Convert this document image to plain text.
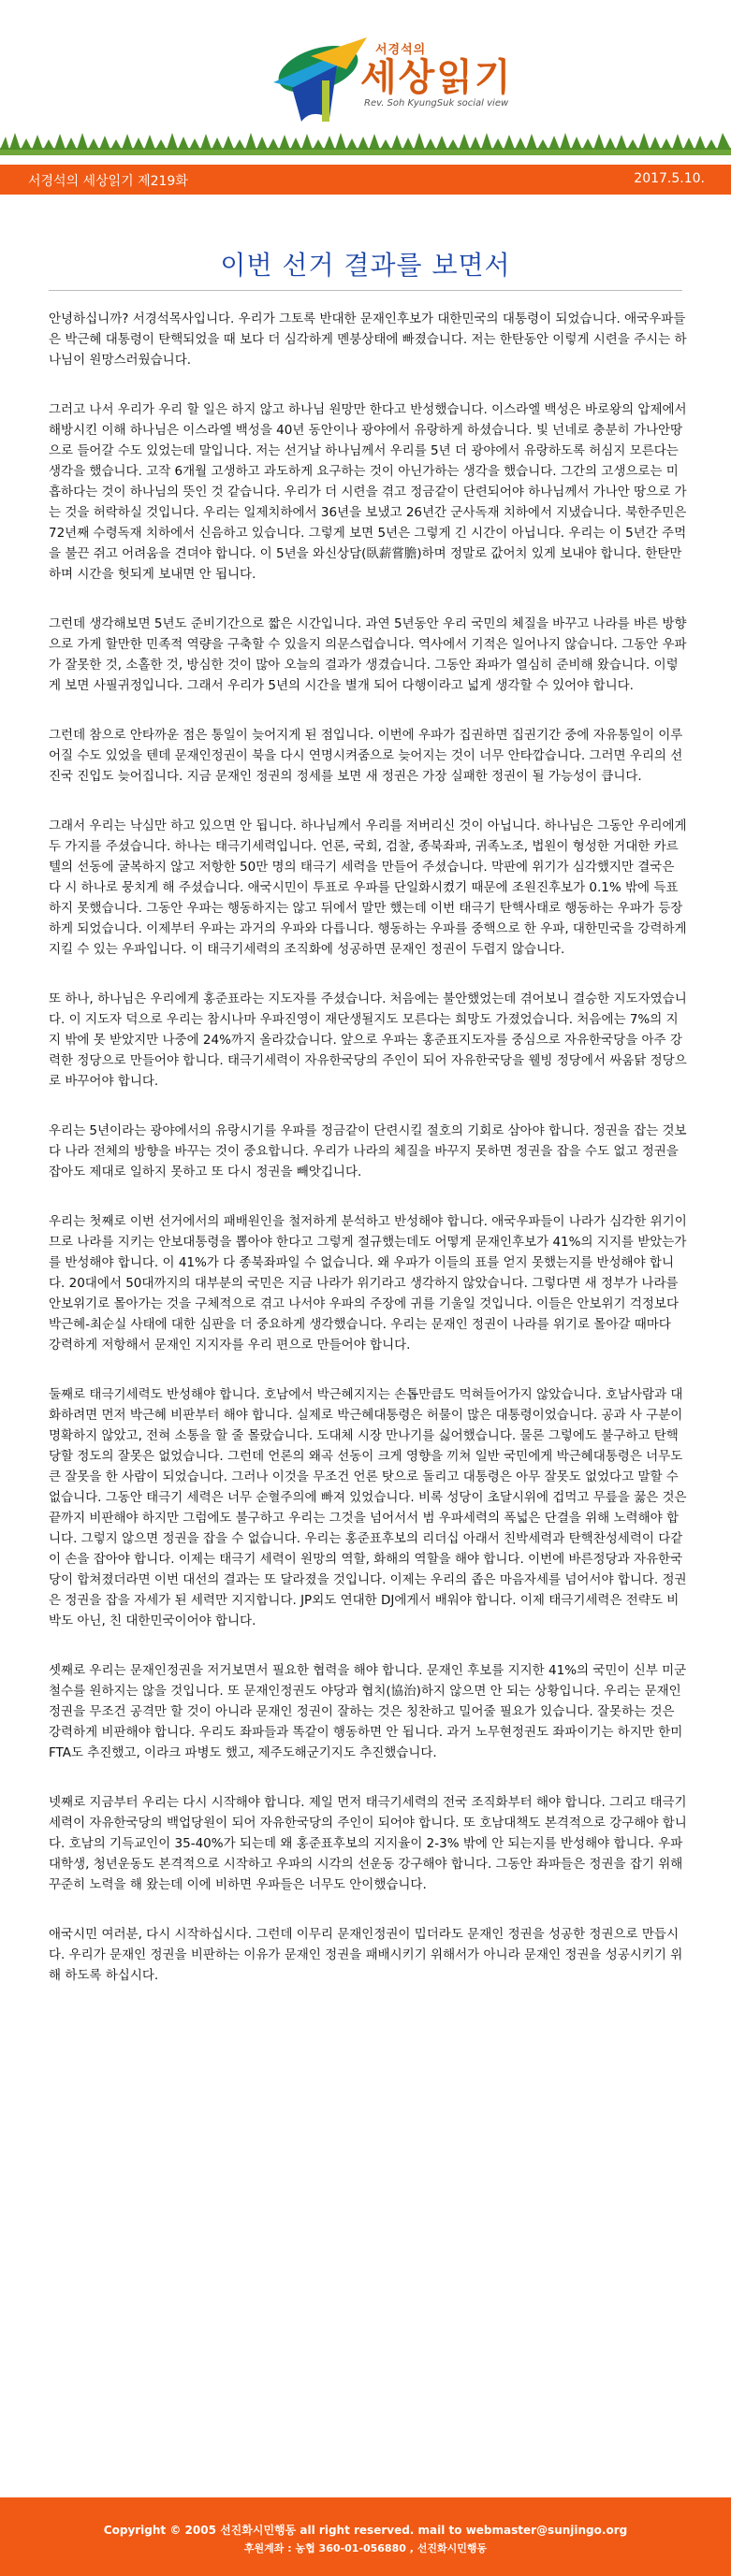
서경석의
세상읽기
Rev. Soh KyungSuk social view
서경석의 세상읽기 제219화	2017.5.10.
이번 선거 결과를 보면서

안녕하십니까? 서경석목사입니다. 우리가 그토록 반대한 문재인후보가 대한민국의 대통령이 되었습니다. 애국우파들은 박근혜 대통령이 탄핵되었을 때 보다 더 심각하게 멘붕상태에 빠졌습니다. 저는 한탄동안 이렇게 시련을 주시는 하나님이 원망스러웠습니다.

그러고 나서 우리가 우리 할 일은 하지 않고 하나님 원망만 한다고 반성했습니다. 이스라엘 백성은 바로왕의 압제에서 해방시킨 이해 하나님은 이스라엘 백성을 40년 동안이나 광야에서 유랑하게 하셨습니다. 빛 넌네로 충분히 가나안땅으로 들어갈 수도 있었는데 말입니다. 저는 선거날 하나님께서 우리를 5년 더 광야에서 유랑하도록 허심지 모른다는 생각을 했습니다. 고작 6개월 고생하고 과도하게 요구하는 것이 아닌가하는 생각을 했습니다. 그간의 고생으로는 미흡하다는 것이 하나님의 뜻인 것 같습니다. 우리가 더 시련을 겪고 정금같이 단련되어야 하나님께서 가나안 땅으로 가는 것을 허락하실 것입니다. 우리는 일제치하에서 36년을 보냈고 26년간 군사독재 치하에서 지냈습니다. 북한주민은 72년째 수령독재 치하에서 신음하고 있습니다. 그렇게 보면 5년은 그렇게 긴 시간이 아닙니다. 우리는 이 5년간 주먹을 불끈 쥐고 어려움을 견뎌야 합니다. 이 5년을 와신상담(臥薪嘗膽)하며 정말로 값어치 있게 보내야 합니다. 한탄만 하며 시간을 헛되게 보내면 안 됩니다.

그런데 생각해보면 5년도 준비기간으로 짧은 시간입니다. 과연 5년동안 우리 국민의 체질을 바꾸고 나라를 바른 방향으로 가게 할만한 민족적 역량을 구축할 수 있을지 의문스럽습니다. 역사에서 기적은 일어나지 않습니다. 그동안 우파가 잘못한 것, 소홀한 것, 방심한 것이 많아 오늘의 결과가 생겼습니다. 그동안 좌파가 열심히 준비해 왔습니다. 이렇게 보면 사필귀정입니다. 그래서 우리가 5년의 시간을 별개 되어 다행이라고 넓게 생각할 수 있어야 합니다.

그런데 참으로 안타까운 점은 통일이 늦어지게 된 점입니다. 이번에 우파가 집권하면 집권기간 중에 자유통일이 이루어질 수도 있었을 텐데 문재인정권이 북을 다시 연명시켜줌으로 늦어지는 것이 너무 안타깝습니다. 그러면 우리의 선진국 진입도 늦어집니다. 지금 문재인 정권의 정세를 보면 새 정권은 가장 실패한 정권이 될 가능성이 큽니다.

그래서 우리는 낙심만 하고 있으면 안 됩니다. 하나님께서 우리를 저버리신 것이 아닙니다. 하나님은 그동안 우리에게 두 가지를 주셨습니다. 하나는 태극기세력입니다. 언론, 국회, 검찰, 종북좌파, 귀족노조, 법원이 형성한 거대한 카르텔의 선동에 굴복하지 않고 저항한 50만 명의 태극기 세력을 만들어 주셨습니다. 막판에 위기가 심각했지만 결국은 다 시 하나로 뭉치게 해 주셨습니다. 애국시민이 투표로 우파를 단일화시켰기 때문에 조원진후보가 0.1% 밖에 득표하지 못했습니다. 그동안 우파는 행동하지는 않고 뒤에서 말만 했는데 이번 태극기 탄핵사태로 행동하는 우파가 등장하게 되었습니다. 이제부터 우파는 과거의 우파와 다릅니다. 행동하는 우파를 중핵으로 한 우파, 대한민국을 강력하게 지킬 수 있는 우파입니다. 이 태극기세력의 조직화에 성공하면 문재인 정권이 두렵지 않습니다.

또 하나, 하나님은 우리에게 홍준표라는 지도자를 주셨습니다. 처음에는 불안했었는데 겪어보니 결승한 지도자였습니다. 이 지도자 덕으로 우리는 참시나마 우파진영이 재단생될지도 모른다는 희망도 가졌었습니다. 처음에는 7%의 지지 밖에 못 받았지만 나중에 24%까지 올라갔습니다. 앞으로 우파는 홍준표지도자를 중심으로 자유한국당을 아주 강력한 정당으로 만들어야 합니다. 태극기세력이 자유한국당의 주인이 되어 자유한국당을 웰빙 정당에서 싸움닭 정당으로 바꾸어야 합니다.

우리는 5년이라는 광야에서의 유랑시기를 우파를 정금같이 단련시킬 절호의 기회로 삼아야 합니다. 정권을 잡는 것보다 나라 전체의 방향을 바꾸는 것이 중요합니다. 우리가 나라의 체질을 바꾸지 못하면 정권을 잡을 수도 없고 정권을 잡아도 제대로 일하지 못하고 또 다시 정권을 빼앗깁니다.

우리는 첫째로 이번 선거에서의 패배원인을 철저하게 분석하고 반성해야 합니다. 애국우파들이 나라가 심각한 위기이므로 나라를 지키는 안보대통령을 뽑아야 한다고 그렇게 절규했는데도 어떻게 문재인후보가 41%의 지지를 받았는가를 반성해야 합니다. 이 41%가 다 종북좌파일 수 없습니다. 왜 우파가 이들의 표를 얻지 못했는지를 반성해야 합니다. 20대에서 50대까지의 대부분의 국민은 지금 나라가 위기라고 생각하지 않았습니다. 그렇다면 새 정부가 나라를 안보위기로 몰아가는 것을 구체적으로 겪고 나서야 우파의 주장에 귀를 기울일 것입니다. 이들은 안보위기 걱정보다 박근혜-최순실 사태에 대한 심판을 더 중요하게 생각했습니다. 우리는 문재인 정권이 나라를 위기로 몰아갈 때마다 강력하게 저항해서 문재인 지지자를 우리 편으로 만들어야 합니다.

둘째로 태극기세력도 반성해야 합니다. 호남에서 박근혜지지는 손톱만큼도 먹혀들어가지 않았습니다. 호남사람과 대화하려면 먼저 박근혜 비판부터 해야 합니다. 실제로 박근혜대통령은 허물이 많은 대통령이었습니다. 공과 사 구분이 명확하지 않았고, 전혀 소통을 할 줄 몰랐습니다. 도대체 시장 만나기를 싫어했습니다. 물론 그렇에도 불구하고 탄핵당할 정도의 잘못은 없었습니다. 그런데 언론의 왜곡 선동이 크게 영향을 끼쳐 일반 국민에게 박근혜대통령은 너무도 큰 잘못을 한 사람이 되었습니다. 그러나 이것을 무조건 언론 탓으로 돌리고 대통령은 아무 잘못도 없었다고 말할 수 없습니다. 그동안 태극기 세력은 너무 순혈주의에 빠져 있었습니다. 비록 성당이 초달시위에 겁먹고 무릎을 꿇은 것은 끝까지 비판해야 하지만 그럼에도 불구하고 우리는 그것을 넘어서서 범 우파세력의 폭넓은 단결을 위해 노력해야 합니다. 그렇지 않으면 정권을 잡을 수 없습니다. 우리는 홍준표후보의 리더십 아래서 친박세력과 탄핵찬성세력이 다같이 손을 잡아야 합니다. 이제는 태극기 세력이 원망의 역할, 화해의 역할을 해야 합니다. 이번에 바른정당과 자유한국당이 합쳐졌더라면 이번 대선의 결과는 또 달라졌을 것입니다. 이제는 우리의 좁은 마음자세를 넘어서야 합니다. 정권은 정권을 잡을 자세가 된 세력만 지지합니다. JP외도 연대한 DJ에게서 배워야 합니다. 이제 태극기세력은 전략도 비박도 아닌, 친 대한민국이어야 합니다.

셋째로 우리는 문재인정권을 저거보면서 필요한 협력을 해야 합니다. 문재인 후보를 지지한 41%의 국민이 신부 미군철수를 원하지는 않을 것입니다. 또 문재인정권도 야당과 협치(協治)하지 않으면 안 되는 상황입니다. 우리는 문재인 정권을 무조건 공격만 할 것이 아니라 문재인 정권이 잘하는 것은 칭찬하고 밀어줄 필요가 있습니다. 잘못하는 것은 강력하게 비판해야 합니다. 우리도 좌파들과 똑같이 행동하면 안 됩니다. 과거 노무현정권도 좌파이기는 하지만 한미FTA도 추진했고, 이라크 파병도 했고, 제주도해군기지도 추진했습니다.

넷째로 지금부터 우리는 다시 시작해야 합니다. 제일 먼저 태극기세력의 전국 조직화부터 해야 합니다. 그리고 태극기 세력이 자유한국당의 백업당원이 되어 자유한국당의 주인이 되어야 합니다. 또 호남대책도 본격적으로 강구해야 합니다. 호남의 기득교인이 35-40%가 되는데 왜 홍준표후보의 지지율이 2-3% 밖에 안 되는지를 반성해야 합니다. 우파 대학생, 청년운동도 본격적으로 시작하고 우파의 시각의 선운동 강구해야 합니다. 그동안 좌파들은 정권을 잡기 위해 꾸준히 노력을 해 왔는데 이에 비하면 우파들은 너무도 안이했습니다.

애국시민 여러분, 다시 시작하십시다. 그런데 이무리 문재인정권이 밉더라도 문재인 정권을 성공한 정권으로 만듭시다. 우리가 문재인 정권을 비판하는 이유가 문재인 정권을 패배시키기 위해서가 아니라 문재인 정권을 성공시키기 위해 하도록 하십시다.

Copyright © 2005 선진화시민행동 all right reserved. mail to webmaster@sunjingo.org
후원계좌 : 농협 360-01-056880 , 선진화시민행동
